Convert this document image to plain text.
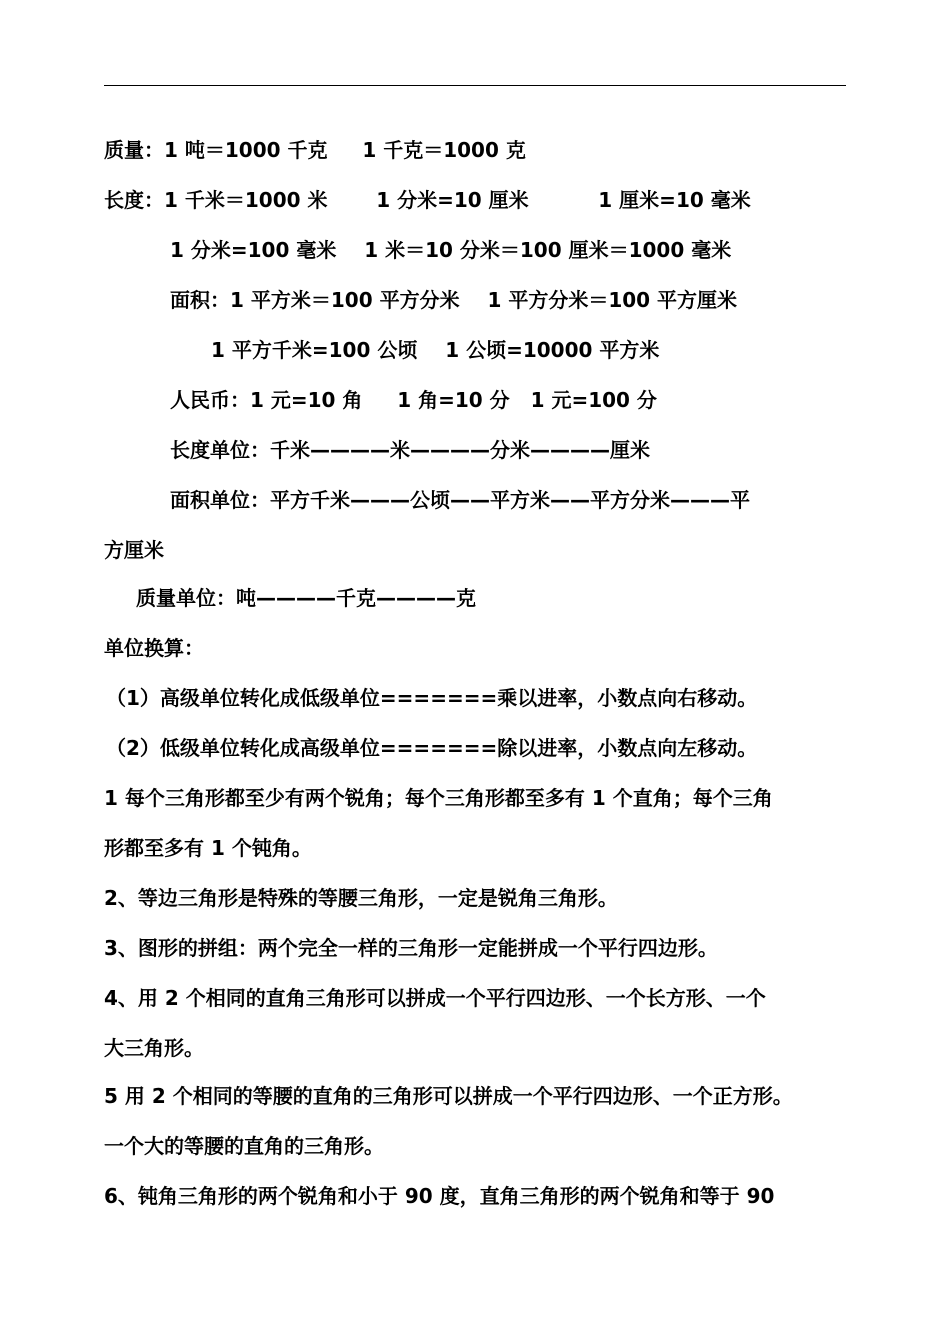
质量：1 吨＝1000 千克     1 千克＝1000 克

长度：1 千米＝1000 米       1 分米=10 厘米          1 厘米=10 毫米

1 分米=100 毫米    1 米＝10 分米＝100 厘米＝1000 毫米

面积：1 平方米＝100 平方分米    1 平方分米＝100 平方厘米

1 平方千米=100 公顷    1 公顷=10000 平方米

人民币：1 元=10 角     1 角=10 分   1 元=100 分

长度单位：千米————米————分米————厘米

面积单位：平方千米———公顷——平方米——平方分米———平

方厘米

质量单位：吨————千克————克

单位换算：

（1）高级单位转化成低级单位=======乘以进率，小数点向右移动。

（2）低级单位转化成高级单位=======除以进率，小数点向左移动。

1 每个三角形都至少有两个锐角；每个三角形都至多有 1 个直角；每个三角

形都至多有 1 个钝角。

2、等边三角形是特殊的等腰三角形，一定是锐角三角形。

3、图形的拼组：两个完全一样的三角形一定能拼成一个平行四边形。

4、用 2 个相同的直角三角形可以拼成一个平行四边形、一个长方形、一个

大三角形。

5 用 2 个相同的等腰的直角的三角形可以拼成一个平行四边形、一个正方形。

一个大的等腰的直角的三角形。

6、钝角三角形的两个锐角和小于 90 度，直角三角形的两个锐角和等于 90
